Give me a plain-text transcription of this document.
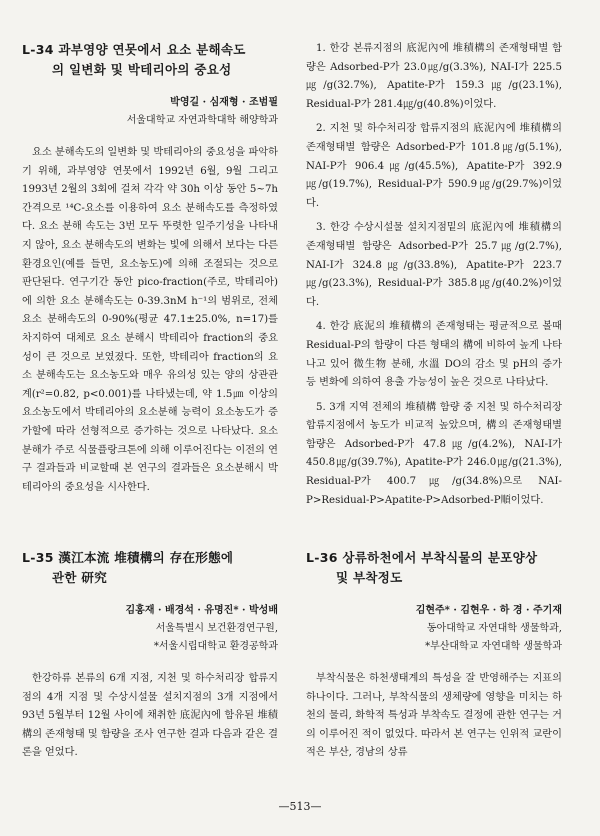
L-34 과부영양 연못에서 요소 분해속도
의 일변화 및 박테리아의 중요성
박영길 · 심재형 · 조범필
서울대학교 자연과학대학 해양학과

요소 분해속도의 일변화 및 박테리아의 중요성을 파악하기 위해, 과부영양 연못에서 1992년 6월, 9월 그리고 1993년 2월의 3회에 걸쳐 각각 약 30h 이상 동안 5~7h간격으로 ¹⁴C-요소를 이용하여 요소 분해속도를 측정하였다. 요소 분해 속도는 3번 모두 뚜렷한 일주기성을 나타내지 않아, 요소 분해속도의 변화는 빛에 의해서 보다는 다른 환경요인(예를 들면, 요소농도)에 의해 조절되는 것으로 판단된다. 연구기간 동안 pico-fraction(주로, 박테리아)에 의한 요소 분해속도는 0-39.3nM h⁻¹의 범위로, 전체 요소 분해속도의 0-90%(평균 47.1±25.0%, n=17)를 차지하여 대체로 요소 분해시 박테리아 fraction의 중요성이 큰 것으로 보였졌다. 또한, 박테리아 fraction의 요소 분해속도는 요소농도와 매우 유의성 있는 양의 상관관계(r²=0.82, p<0.001)를 나타냈는데, 약 1.5㎛ 이상의 요소농도에서 박테리아의 요소분해 능력이 요소농도가 증가할에 따라 선형적으로 증가하는 것으로 나타났다. 요소 분해가 주로 식물플랑크톤에 의해 이루어진다는 이전의 연구 결과들과 비교할때 본 연구의 결과들은 요소분해시 박테리아의 중요성을 시사한다.

L-35 漢江本流 堆積構의 存在形態에
관한 研究
김홍재 · 배경석 · 유명진* · 박성배
서울특별시 보건환경연구원,
*서울시립대학교 환경공학과

한강하류 본류의 6개 지점, 지천 및 하수처리장 합류지점의 4개 지점 및 수상시설물 설치지점의 3개 지점에서 93년 5월부터 12월 사이에 채취한 底泥內에 함유된 堆積構의 존재형태 및 함량을 조사 연구한 결과 다음과 같은 결론을 얻었다.

1. 한강 본류지점의 底泥內에 堆積構의 존재형태별 함량은 Adsorbed-P가 23.0㎍/g(3.3%), NAI-I가 225.5㎍/g(32.7%), Apatite-P가 159.3㎍/g(23.1%), Residual-P가 281.4㎍/g(40.8%)이었다.

2. 지천 및 하수처리장 합류지점의 底泥內에 堆積構의 존재형태별 함량은 Adsorbed-P가 101.8㎍/g(5.1%), NAI-P가 906.4㎍/g(45.5%), Apatite-P가 392.9㎍/g(19.7%), Residual-P가 590.9㎍/g(29.7%)이었다.

3. 한강 수상시설물 설치지점밑의 底泥內에 堆積構의 존재형태별 함량은 Adsorbed-P가 25.7㎍/g(2.7%), NAI-I가 324.8㎍/g(33.8%), Apatite-P가 223.7㎍/g(23.3%), Residual-P가 385.8㎍/g(40.2%)이었다.

4. 한강 底泥의 堆積構의 존재형태는 평균적으로 볼때 Residual-P의 함량이 다른 형태의 構에 비하여 높게 나타나고 있어 微生物 분해, 水溫 DO의 감소 및 pH의 증가 등 변화에 의하여 용출 가능성이 높은 것으로 나타났다.

5. 3개 지역 전체의 堆積構 함량 중 지천 및 하수처리장 합류지점에서 농도가 비교적 높았으며, 構의 존재형태별 함량은 Adsorbed-P가 47.8㎍/g(4.2%), NAI-I가 450.8㎍/g(39.7%), Apatite-P가 246.0㎍/g(21.3%), Residual-P가 400.7㎍/g(34.8%)으로 NAI-P>Residual-P>Apatite-P>Adsorbed-P順이었다.

L-36 상류하천에서 부착식물의 분포양상
및 부착정도
김현주* · 김현우 · 하 경 · 주기재
동아대학교 자연대학 생물학과,
*부산대학교 자연대학 생물학과

부착식물은 하천생태계의 특성을 잘 반영해주는 지표의 하나이다. 그러나, 부착식물의 생체량에 영향을 미치는 하천의 물리, 화학적 특성과 부착속도 결정에 관한 연구는 거의 이루어진 적이 없었다. 따라서 본 연구는 인위적 교란이 적은 부산, 경남의 상류

—513—
